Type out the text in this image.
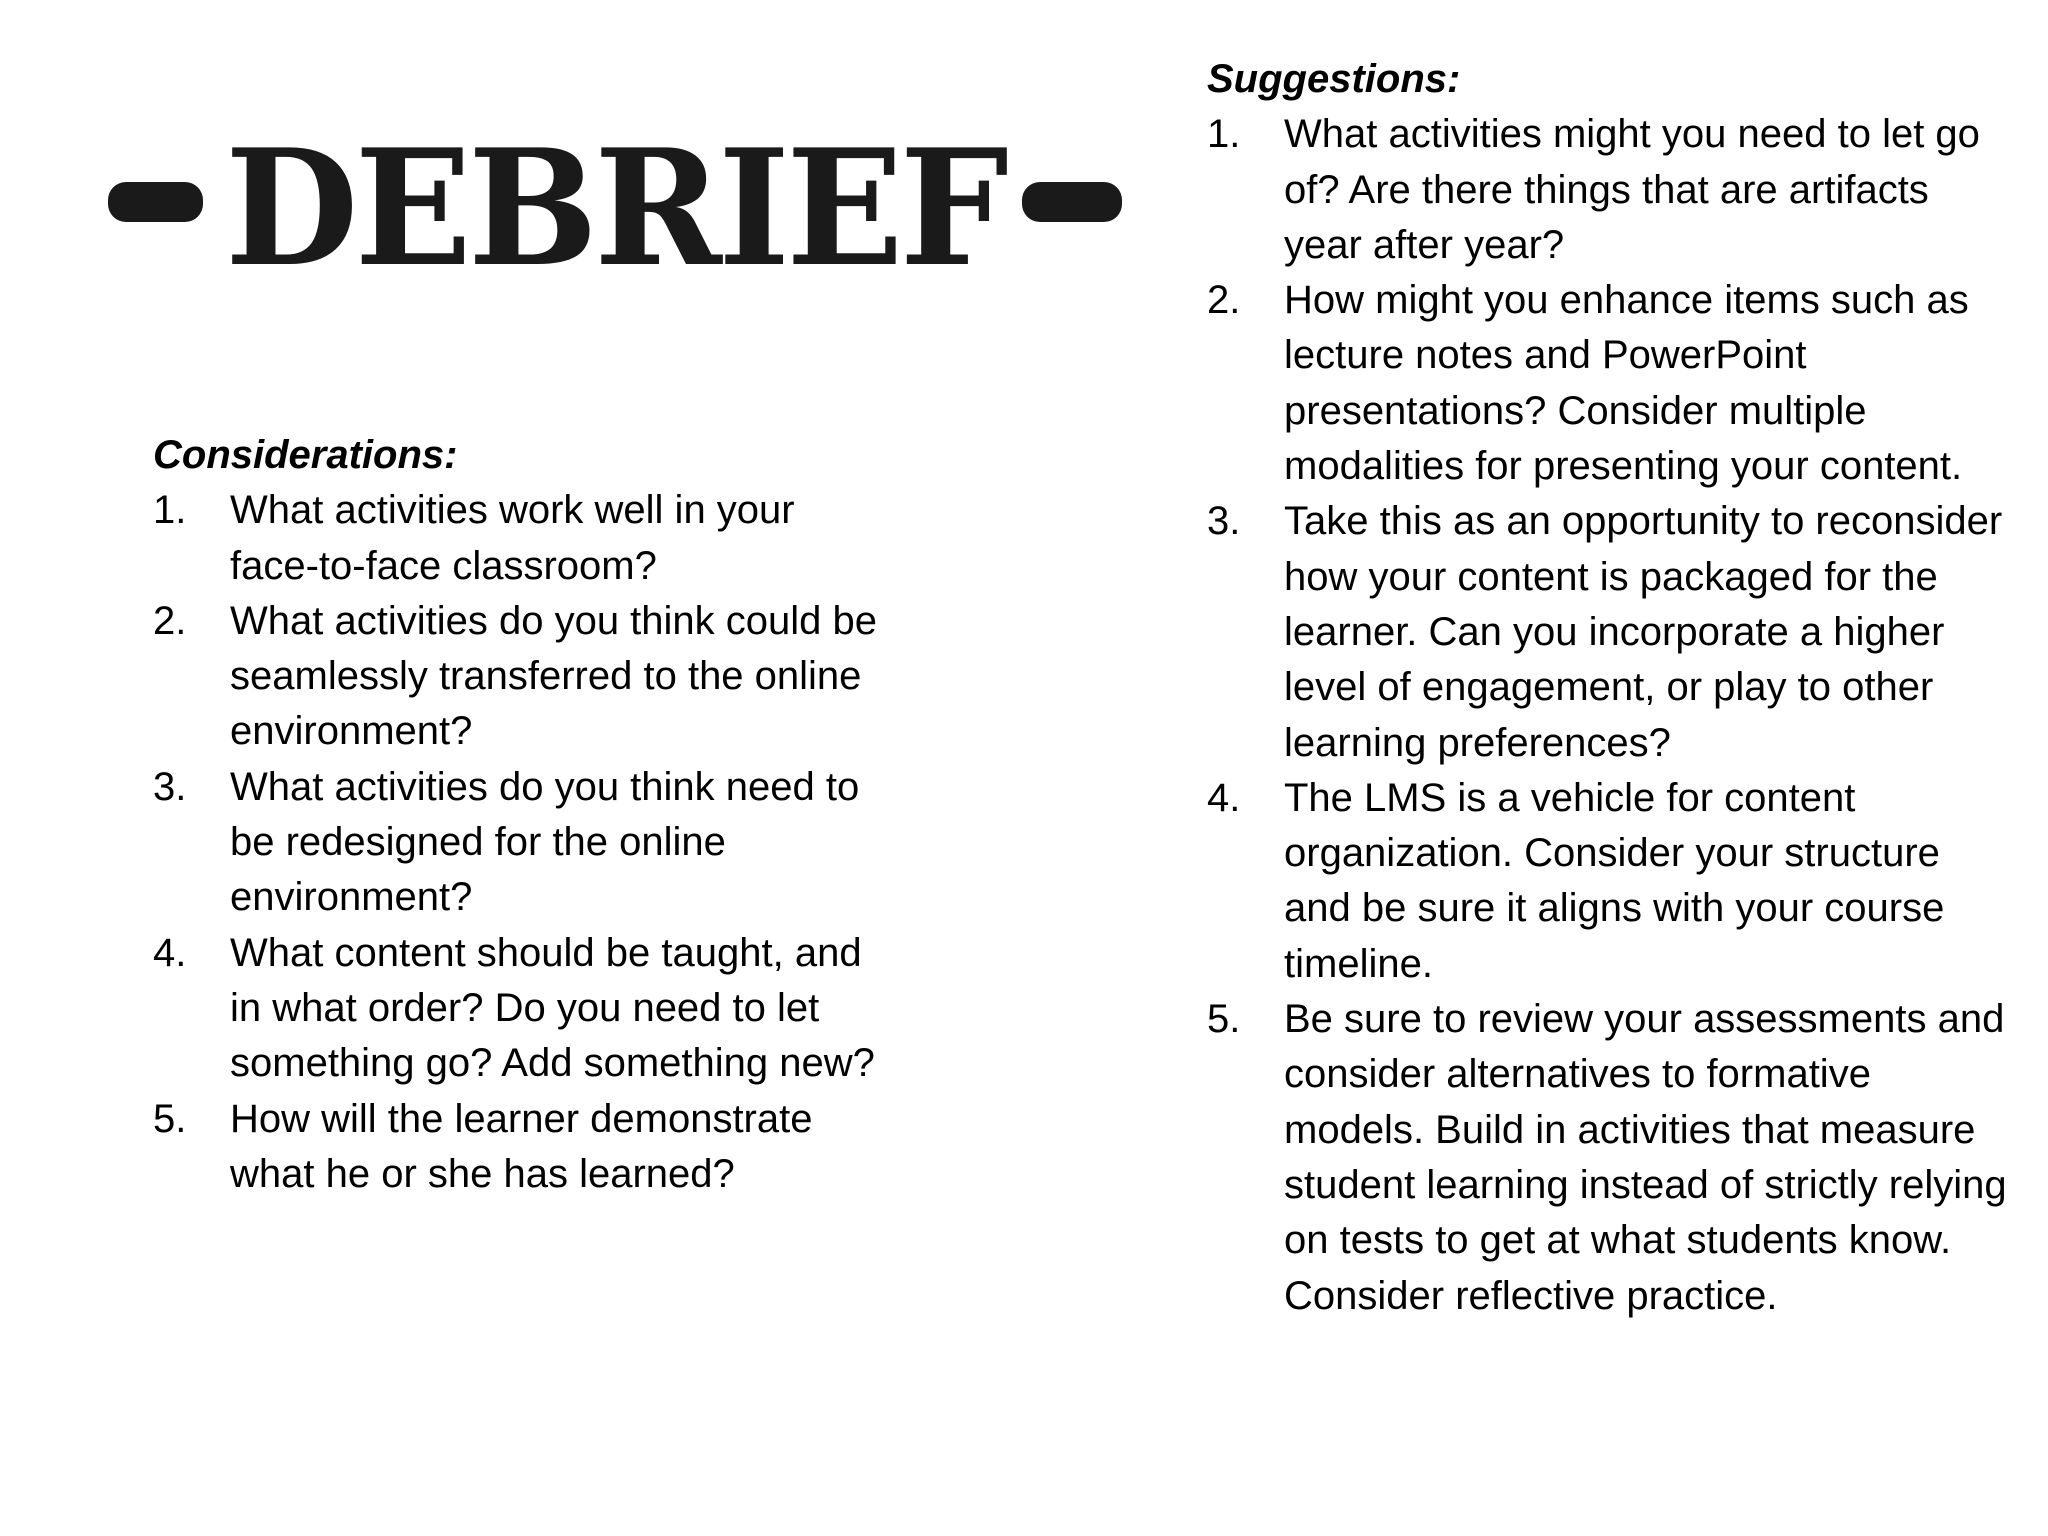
DEBRIEF
Considerations:
1. What activities work well in your face-to-face classroom?
2. What activities do you think could be seamlessly transferred to the online environment?
3. What activities do you think need to be redesigned for the online environment?
4. What content should be taught, and in what order? Do you need to let something go? Add something new?
5. How will the learner demonstrate what he or she has learned?
Suggestions:
1. What activities might you need to let go of? Are there things that are artifacts year after year?
2. How might you enhance items such as lecture notes and PowerPoint presentations? Consider multiple modalities for presenting your content.
3. Take this as an opportunity to reconsider how your content is packaged for the learner. Can you incorporate a higher level of engagement, or play to other learning preferences?
4. The LMS is a vehicle for content organization. Consider your structure and be sure it aligns with your course timeline.
5. Be sure to review your assessments and consider alternatives to formative models. Build in activities that measure student learning instead of strictly relying on tests to get at what students know. Consider reflective practice.
